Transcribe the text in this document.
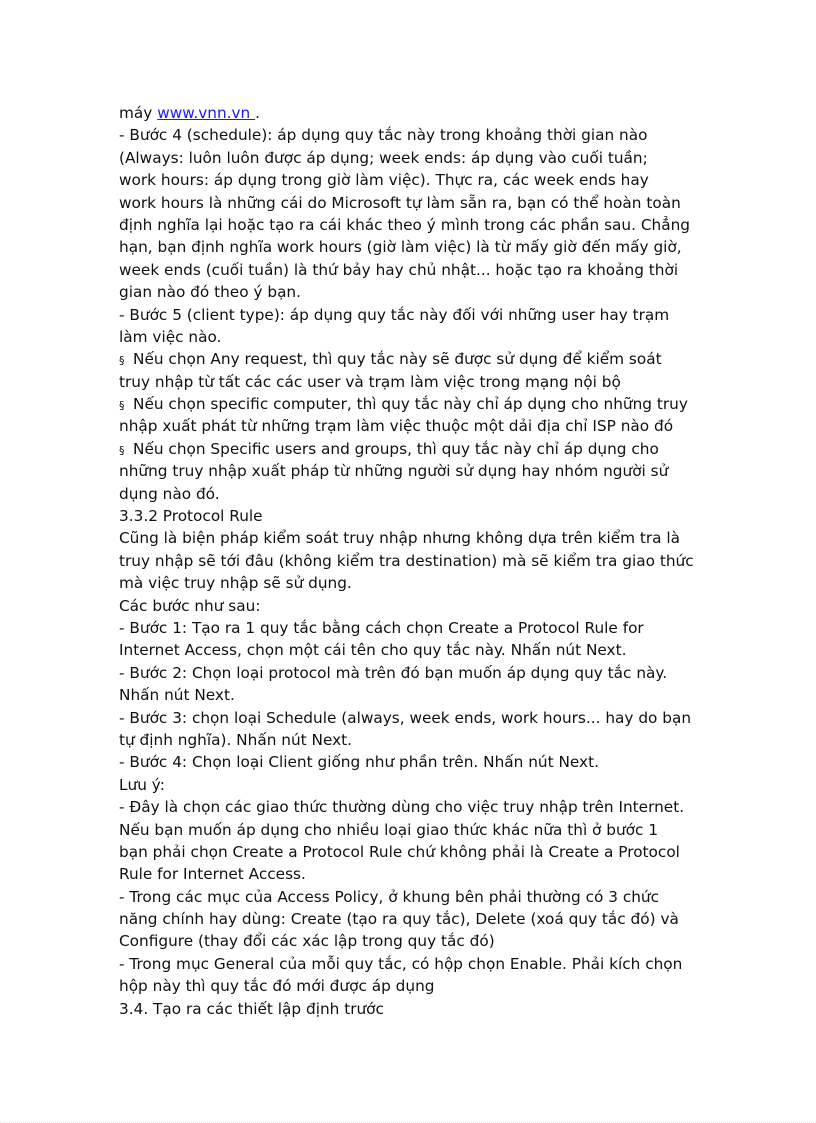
máy www.vnn.vn .
- Bước 4 (schedule): áp dụng quy tắc này trong khoảng thời gian nào
(Always: luôn luôn được áp dụng; week ends: áp dụng vào cuối tuần;
work hours: áp dụng trong giờ làm việc). Thực ra, các week ends hay
work hours là những cái do Microsoft tự làm sẵn ra, bạn có thể hoàn toàn
định nghĩa lại hoặc tạo ra cái khác theo ý mình trong các phần sau. Chẳng
hạn, bạn định nghĩa work hours (giờ làm việc) là từ mấy giờ đến mấy giờ,
week ends (cuối tuần) là thứ bảy hay chủ nhật... hoặc tạo ra khoảng thời
gian nào đó theo ý bạn.
- Bước 5 (client type): áp dụng quy tắc này đối với những user hay trạm
làm việc nào.
§ Nếu chọn Any request, thì quy tắc này sẽ được sử dụng để kiểm soát
truy nhập từ tất các các user và trạm làm việc trong mạng nội bộ
§ Nếu chọn specific computer, thì quy tắc này chỉ áp dụng cho những truy
nhập xuất phát từ những trạm làm việc thuộc một dải địa chỉ ISP nào đó
§ Nếu chọn Specific users and groups, thì quy tắc này chỉ áp dụng cho
những truy nhập xuất pháp từ những người sử dụng hay nhóm người sử
dụng nào đó.
3.3.2 Protocol Rule
Cũng là biện pháp kiểm soát truy nhập nhưng không dựa trên kiểm tra là
truy nhập sẽ tới đâu (không kiểm tra destination) mà sẽ kiểm tra giao thức
mà việc truy nhập sẽ sử dụng.
Các bước như sau:
- Bước 1: Tạo ra 1 quy tắc bằng cách chọn Create a Protocol Rule for
Internet Access, chọn một cái tên cho quy tắc này. Nhấn nút Next.
- Bước 2: Chọn loại protocol mà trên đó bạn muốn áp dụng quy tắc này.
Nhấn nút Next.
- Bước 3: chọn loại Schedule (always, week ends, work hours... hay do bạn
tự định nghĩa). Nhấn nút Next.
- Bước 4: Chọn loại Client giống như phần trên. Nhấn nút Next.
Lưu ý:
- Đây là chọn các giao thức thường dùng cho việc truy nhập trên Internet.
Nếu bạn muốn áp dụng cho nhiều loại giao thức khác nữa thì ở bước 1
bạn phải chọn Create a Protocol Rule chứ không phải là Create a Protocol
Rule for Internet Access.
- Trong các mục của Access Policy, ở khung bên phải thường có 3 chức
năng chính hay dùng: Create (tạo ra quy tắc), Delete (xoá quy tắc đó) và
Configure (thay đổi các xác lập trong quy tắc đó)
- Trong mục General của mỗi quy tắc, có hộp chọn Enable. Phải kích chọn
hộp này thì quy tắc đó mới được áp dụng
3.4. Tạo ra các thiết lập định trước
